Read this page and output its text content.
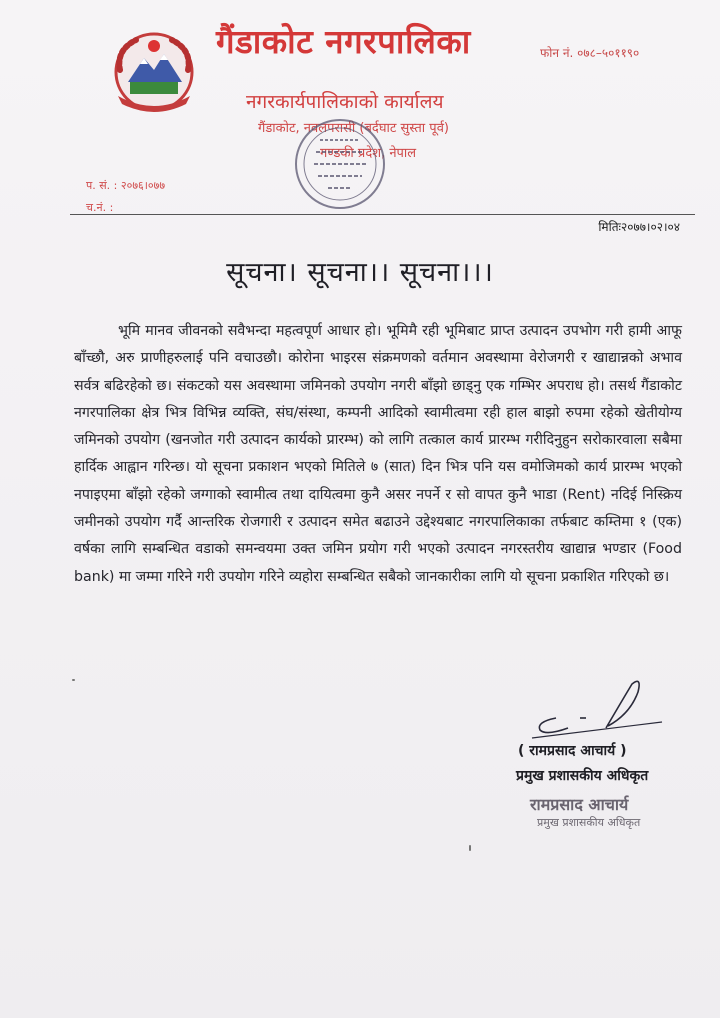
गैंडाकोट नगरपालिका	फोन नं. ०७८–५०११९०
नगरकार्यपालिकाको कार्यालय
गैंडाकोट, नवलपरासी (बर्दघाट सुस्ता पूर्व)
गण्डकी प्रदेश, नेपाल
प. सं. : २०७६।०७७
च.नं. :
मितिः२०७७।०२।०४
सूचना। सूचना।। सूचना।।।
भूमि मानव जीवनको सवैभन्दा महत्वपूर्ण आधार हो। भूमिमै रही भूमिबाट प्राप्त उत्पादन उपभोग गरी हामी आफू बाँच्छौ, अरु प्राणीहरुलाई पनि वचाउछौ। कोरोना भाइरस संक्रमणको वर्तमान अवस्थामा वेरोजगरी र खाद्यान्नको अभाव सर्वत्र बढिरहेको छ। संकटको यस अवस्थामा जमिनको उपयोग नगरी बाँझो छाड्नु एक गम्भिर अपराध हो। तसर्थ गैंडाकोट नगरपालिका क्षेत्र भित्र विभिन्न व्यक्ति, संघ/संस्था, कम्पनी आदिको स्वामीत्वमा रही हाल बाझो रुपमा रहेको खेतीयोग्य जमिनको उपयोग (खनजोत गरी उत्पादन कार्यको प्रारम्भ) को लागि तत्काल कार्य प्रारम्भ गरीदिनुहुन सरोकारवाला सबैमा हार्दिक आह्वान गरिन्छ। यो सूचना प्रकाशन भएको मितिले ७ (सात) दिन भित्र पनि यस वमोजिमको कार्य प्रारम्भ भएको नपाइएमा बाँझो रहेको जग्गाको स्वामीत्व तथा दायित्वमा कुनै असर नपर्ने र सो वापत कुनै भाडा (Rent) नदिई निस्क्रिय जमीनको उपयोग गर्दै आन्तरिक रोजगारी र उत्पादन समेत बढाउने उद्देश्यबाट नगरपालिकाका तर्फबाट कम्तिमा १ (एक) वर्षका लागि सम्बन्धित वडाको समन्वयमा उक्त जमिन प्रयोग गरी भएको उत्पादन नगरस्तरीय खाद्यान्न भण्डार (Food bank) मा जम्मा गरिने गरी उपयोग गरिने व्यहोरा सम्बन्धित सबैको जानकारीका लागि यो सूचना प्रकाशित गरिएको छ।
( रामप्रसाद आचार्य )
प्रमुख प्रशासकीय अधिकृत
रामप्रसाद आचार्य
प्रमुख प्रशासकीय अधिकृत
